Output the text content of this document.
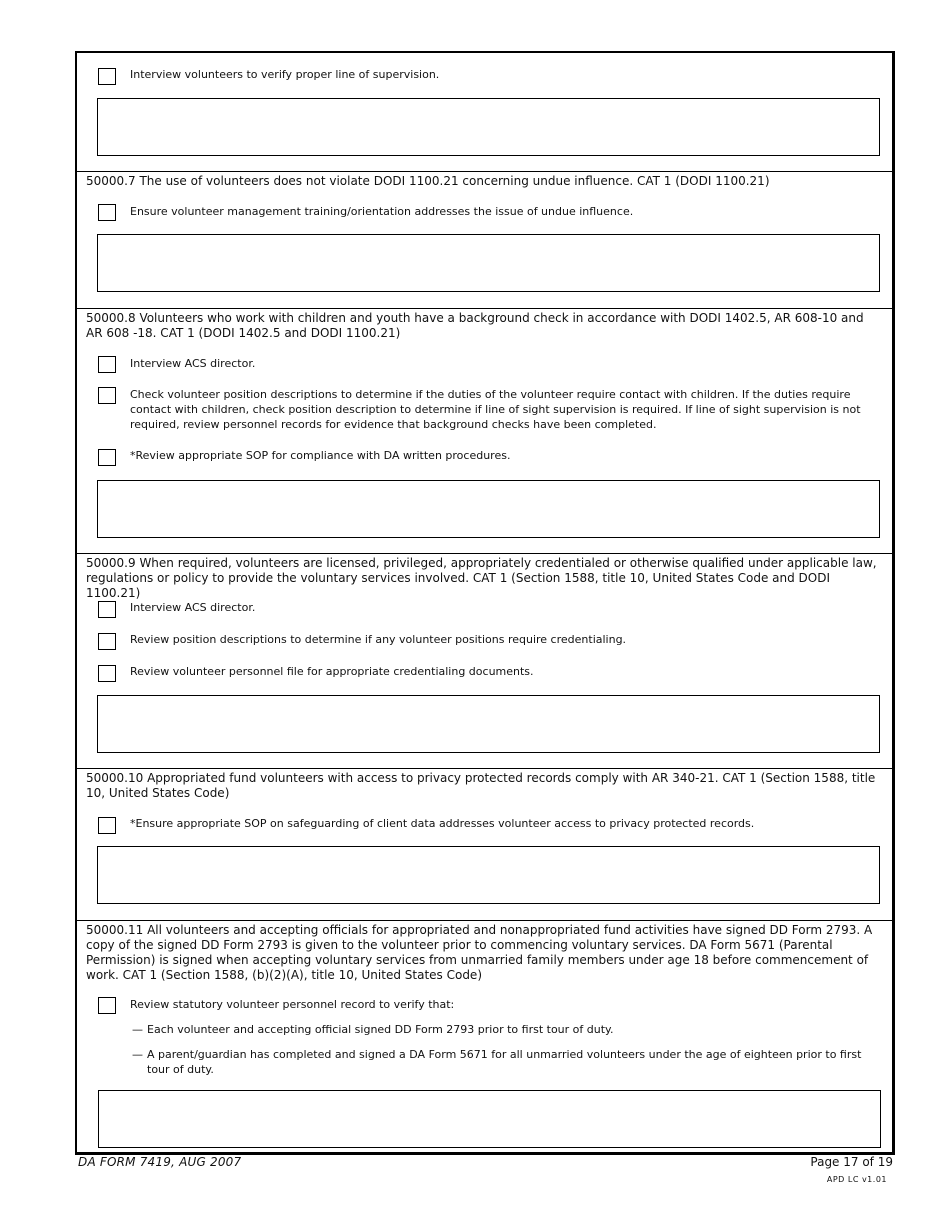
Interview volunteers to verify proper line of supervision.
50000.7 The use of volunteers does not violate DODI 1100.21 concerning undue influence. CAT 1 (DODI 1100.21)
Ensure volunteer management training/orientation addresses the issue of undue influence.
50000.8 Volunteers who work with children and youth have a background check in accordance with DODI 1402.5, AR 608-10 and AR 608 -18. CAT 1 (DODI 1402.5 and DODI 1100.21)
Interview ACS director.
Check volunteer position descriptions to determine if the duties of the volunteer require contact with children. If the duties require contact with children, check position description to determine if line of sight supervision is required. If line of sight supervision is not required, review personnel records for evidence that background checks have been completed.
*Review appropriate SOP for compliance with DA written procedures.
50000.9 When required, volunteers are licensed, privileged, appropriately credentialed or otherwise qualified under applicable law, regulations or policy to provide the voluntary services involved. CAT 1 (Section 1588, title 10, United States Code and DODI 1100.21)
Interview ACS director.
Review position descriptions to determine if any volunteer positions require credentialing.
Review volunteer personnel file for appropriate credentialing documents.
50000.10 Appropriated fund volunteers with access to privacy protected records comply with AR 340-21. CAT 1 (Section 1588, title 10, United States Code)
*Ensure appropriate SOP on safeguarding of client data addresses volunteer access to privacy protected records.
50000.11 All volunteers and accepting officials for appropriated and nonappropriated fund activities have signed DD Form 2793. A copy of the signed DD Form 2793 is given to the volunteer prior to commencing voluntary services. DA Form 5671 (Parental Permission) is signed when accepting voluntary services from unmarried family members under age 18 before commencement of work. CAT 1 (Section 1588, (b)(2)(A), title 10, United States Code)
Review statutory volunteer personnel record to verify that:
— Each volunteer and accepting official signed DD Form 2793 prior to first tour of duty.
— A parent/guardian has completed and signed a DA Form 5671 for all unmarried volunteers under the age of eighteen prior to first tour of duty.
DA FORM 7419, AUG 2007	Page 17 of 19
APD LC v1.01
